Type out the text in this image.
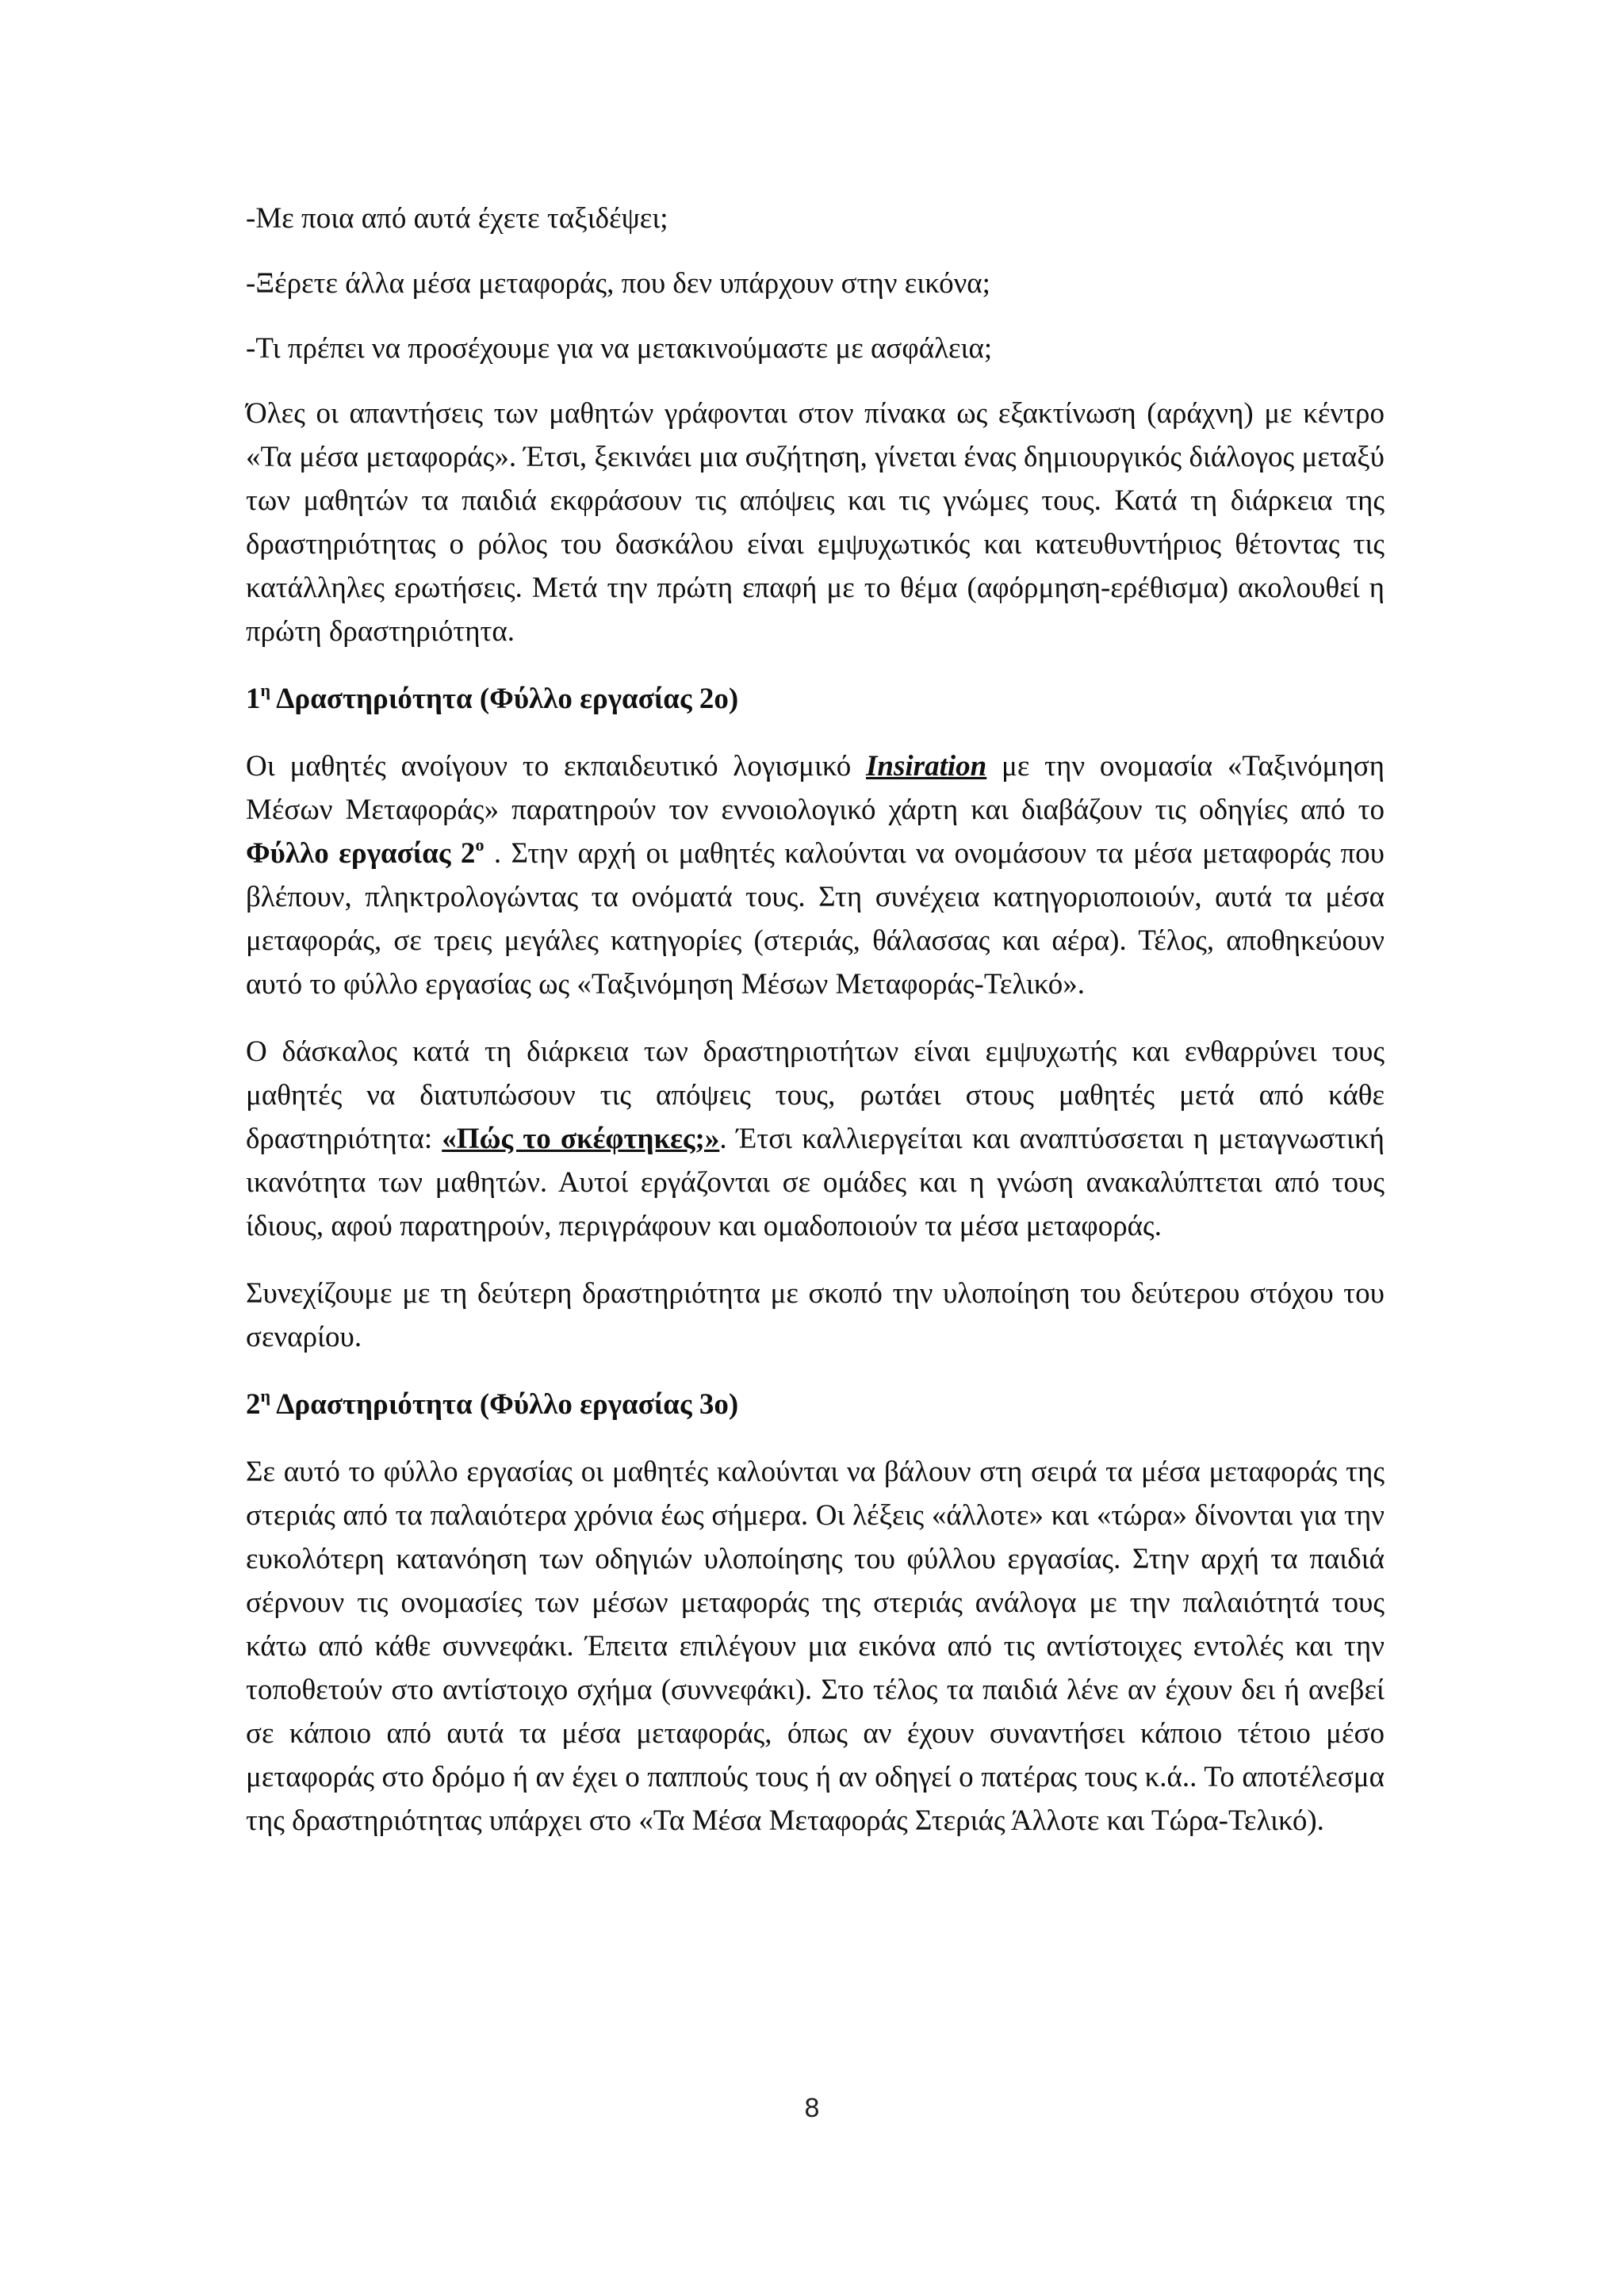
-Με ποια από αυτά έχετε ταξιδέψει;

-Ξέρετε άλλα μέσα μεταφοράς, που δεν υπάρχουν στην εικόνα;

-Τι πρέπει να προσέχουμε για να μετακινούμαστε με ασφάλεια;

Όλες οι απαντήσεις των μαθητών γράφονται στον πίνακα ως εξακτίνωση (αράχνη) με κέντρο «Τα μέσα μεταφοράς». Έτσι, ξεκινάει μια συζήτηση, γίνεται ένας δημιουργικός διάλογος μεταξύ των μαθητών τα παιδιά εκφράσουν τις απόψεις και τις γνώμες τους. Κατά τη διάρκεια της δραστηριότητας ο ρόλος του δασκάλου είναι εμψυχωτικός και κατευθυντήριος θέτοντας τις κατάλληλες ερωτήσεις. Μετά την πρώτη επαφή με το θέμα (αφόρμηση-ερέθισμα) ακολουθεί η πρώτη δραστηριότητα.

$1^\eta$ Δραστηριότητα (Φύλλο εργασίας 2ο)

Οι μαθητές ανοίγουν το εκπαιδευτικό λογισμικό Insiration με την ονομασία «Ταξινόμηση Μέσων Μεταφοράς» παρατηρούν τον εννοιολογικό χάρτη και διαβάζουν τις οδηγίες από το Φύλλο εργασίας $2^o$ . Στην αρχή οι μαθητές καλούνται να ονομάσουν τα μέσα μεταφοράς που βλέπουν, πληκτρολογώντας τα ονόματά τους. Στη συνέχεια κατηγοριοποιούν, αυτά τα μέσα μεταφοράς, σε τρεις μεγάλες κατηγορίες (στεριάς, θάλασσας και αέρα). Τέλος, αποθηκεύουν αυτό το φύλλο εργασίας ως «Ταξινόμηση Μέσων Μεταφοράς-Τελικό».

Ο δάσκαλος κατά τη διάρκεια των δραστηριοτήτων είναι εμψυχωτής και ενθαρρύνει τους μαθητές να διατυπώσουν τις απόψεις τους, ρωτάει στους μαθητές μετά από κάθε δραστηριότητα: «Πώς το σκέφτηκες;». Έτσι καλλιεργείται και αναπτύσσεται η μεταγνωστική ικανότητα των μαθητών. Αυτοί εργάζονται σε ομάδες και η γνώση ανακαλύπτεται από τους ίδιους, αφού παρατηρούν, περιγράφουν και ομαδοποιούν τα μέσα μεταφοράς.

Συνεχίζουμε με τη δεύτερη δραστηριότητα με σκοπό την υλοποίηση του δεύτερου στόχου του σεναρίου.

$2^\eta$ Δραστηριότητα (Φύλλο εργασίας 3ο)

Σε αυτό το φύλλο εργασίας οι μαθητές καλούνται να βάλουν στη σειρά τα μέσα μεταφοράς της στεριάς από τα παλαιότερα χρόνια έως σήμερα. Οι λέξεις «άλλοτε» και «τώρα» δίνονται για την ευκολότερη κατανόηση των οδηγιών υλοποίησης του φύλλου εργασίας. Στην αρχή τα παιδιά σέρνουν τις ονομασίες των μέσων μεταφοράς της στεριάς ανάλογα με την παλαιότητά τους κάτω από κάθε συννεφάκι. Έπειτα επιλέγουν μια εικόνα από τις αντίστοιχες εντολές και την τοποθετούν στο αντίστοιχο σχήμα (συννεφάκι). Στο τέλος τα παιδιά λένε αν έχουν δει ή ανεβεί σε κάποιο από αυτά τα μέσα μεταφοράς, όπως αν έχουν συναντήσει κάποιο τέτοιο μέσο μεταφοράς στο δρόμο ή αν έχει ο παππούς τους ή αν οδηγεί ο πατέρας τους κ.ά.. Το αποτέλεσμα της δραστηριότητας υπάρχει στο «Τα Μέσα Μεταφοράς Στεριάς Άλλοτε και Τώρα-Τελικό).

8
